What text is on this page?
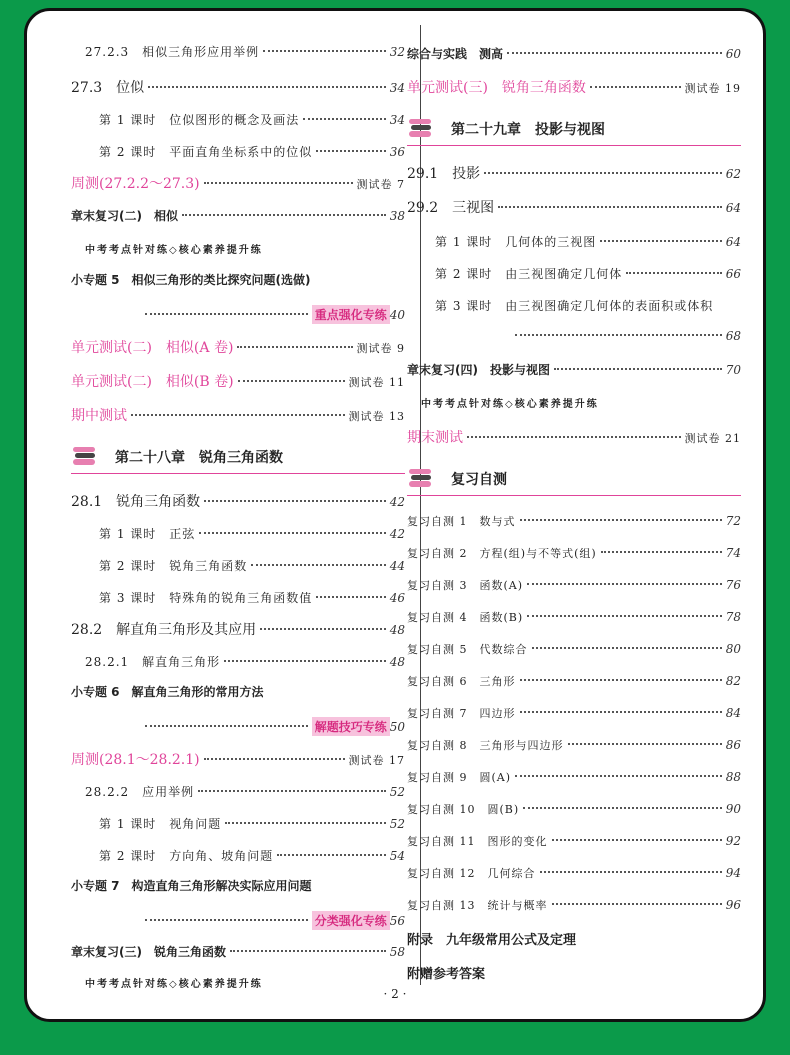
27.2.3　相似三角形应用举例	32
27.3　位似	34
第 1 课时　位似图形的概念及画法	34
第 2 课时　平面直角坐标系中的位似	36
周测(27.2.2～27.3)	测试卷 7
章末复习(二)　相似	38
中考考点针对练◇核心素养提升练
小专题 5　相似三角形的类比探究问题(选做)
重点强化专练 40
单元测试(二)　相似(A 卷)	测试卷 9
单元测试(二)　相似(B 卷)	测试卷 11
期中测试	测试卷 13
第二十八章　锐角三角函数
28.1　锐角三角函数	42
第 1 课时　正弦	42
第 2 课时　锐角三角函数	44
第 3 课时　特殊角的锐角三角函数值	46
28.2　解直角三角形及其应用	48
28.2.1　解直角三角形	48
小专题 6　解直角三角形的常用方法
解题技巧专练 50
周测(28.1～28.2.1)	测试卷 17
28.2.2　应用举例	52
第 1 课时　视角问题	52
第 2 课时　方向角、坡角问题	54
小专题 7　构造直角三角形解决实际应用问题
分类强化专练 56
章末复习(三)　锐角三角函数	58
中考考点针对练◇核心素养提升练
综合与实践　测高	60
单元测试(三)　锐角三角函数	测试卷 19
第二十九章　投影与视图
29.1　投影	62
29.2　三视图	64
第 1 课时　几何体的三视图	64
第 2 课时　由三视图确定几何体	66
第 3 课时　由三视图确定几何体的表面积或体积
68
章末复习(四)　投影与视图	70
中考考点针对练◇核心素养提升练
期末测试	测试卷 21
复习自测
复习自测 1　数与式	72
复习自测 2　方程(组)与不等式(组)	74
复习自测 3　函数(A)	76
复习自测 4　函数(B)	78
复习自测 5　代数综合	80
复习自测 6　三角形	82
复习自测 7　四边形	84
复习自测 8　三角形与四边形	86
复习自测 9　圆(A)	88
复习自测 10　圆(B)	90
复习自测 11　图形的变化	92
复习自测 12　几何综合	94
复习自测 13　统计与概率	96
附录　九年级常用公式及定理
附赠参考答案
· 2 ·
